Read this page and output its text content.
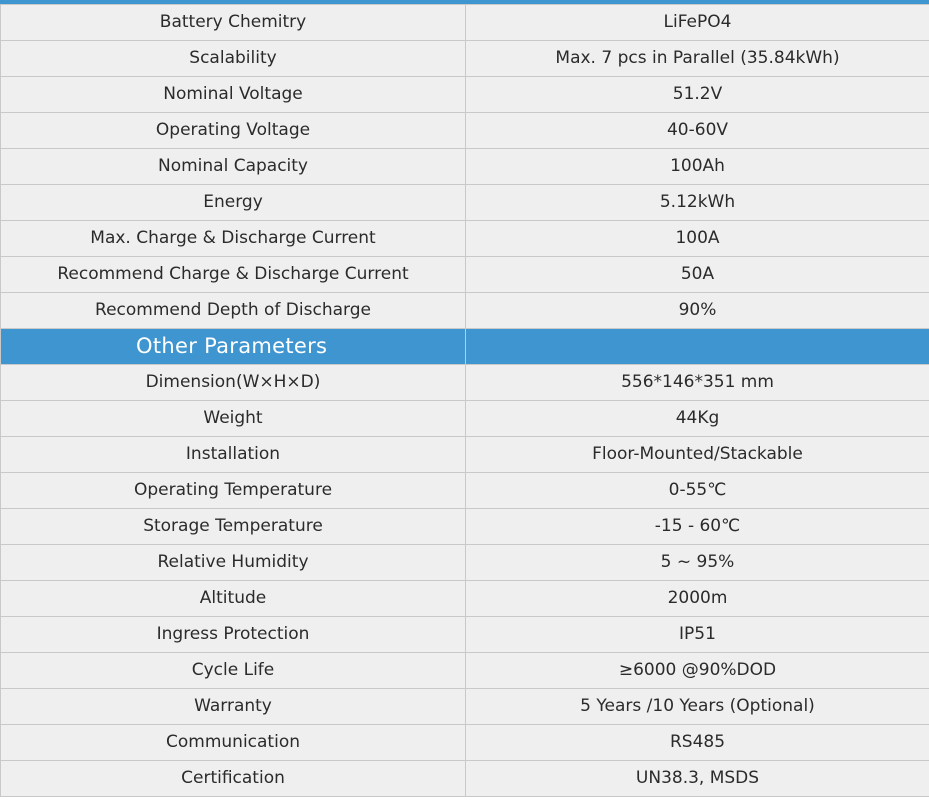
Battery Chemitry	LiFePO4
Scalability	Max. 7 pcs in Parallel (35.84kWh)
Nominal Voltage	51.2V
Operating Voltage	40-60V
Nominal Capacity	100Ah
Energy	5.12kWh
Max. Charge & Discharge Current	100A
Recommend Charge & Discharge Current	50A
Recommend Depth of Discharge	90%
Other Parameters	
Dimension(W×H×D)	556*146*351 mm
Weight	44Kg
Installation	Floor-Mounted/Stackable
Operating Temperature	0-55℃
Storage Temperature	-15 - 60℃
Relative Humidity	5 ~ 95%
Altitude	2000m
Ingress Protection	IP51
Cycle Life	≥6000 @90%DOD
Warranty	5 Years /10 Years (Optional)
Communication	RS485
Certification	UN38.3, MSDS
